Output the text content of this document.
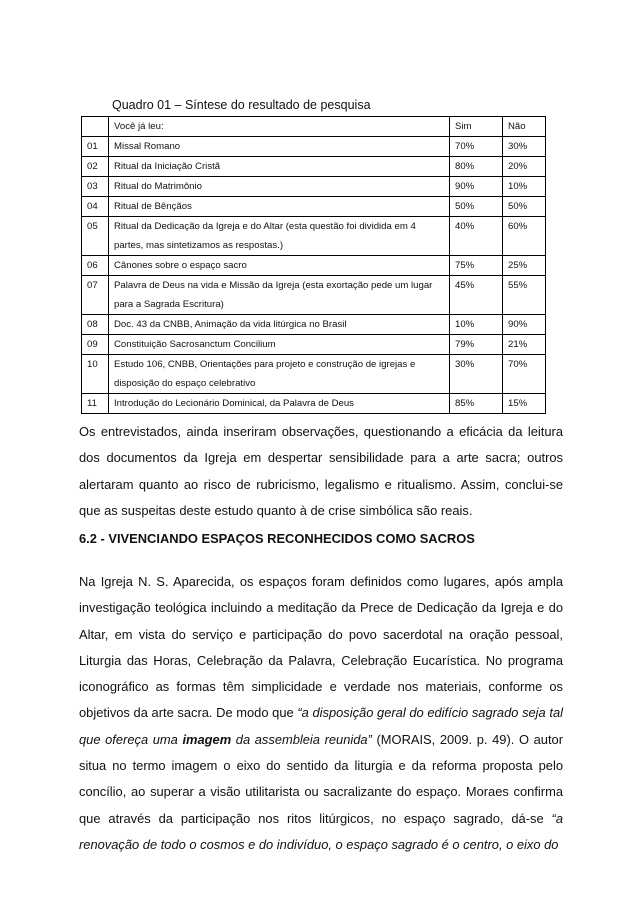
Quadro 01 – Síntese do resultado de pesquisa
	Você já leu:	Sim	Não
01	Missal Romano	70%	30%
02	Ritual da Iniciação Cristã	80%	20%
03	Ritual do Matrimônio	90%	10%
04	Ritual de Bênçãos	50%	50%
05	Ritual da Dedicação da Igreja e do Altar (esta questão foi dividida em 4 partes, mas sintetizamos as respostas.)	40%	60%
06	Cânones sobre o espaço sacro	75%	25%
07	Palavra de Deus na vida e Missão da Igreja (esta exortação pede um lugar para a Sagrada Escritura)	45%	55%
08	Doc. 43 da CNBB, Animação da vida litúrgica no Brasil	10%	90%
09	Constituição Sacrosanctum Concilium	79%	21%
10	Estudo 106, CNBB, Orientações para projeto e construção de igrejas e disposição do espaço celebrativo	30%	70%
11	Introdução do Lecionário Dominical, da Palavra de Deus	85%	15%

Os entrevistados, ainda inseriram observações, questionando a eficácia da leitura dos documentos da Igreja em despertar sensibilidade para a arte sacra; outros alertaram quanto ao risco de rubricismo, legalismo e ritualismo. Assim, conclui-se que as suspeitas deste estudo quanto à de crise simbólica são reais.

6.2 - VIVENCIANDO ESPAÇOS RECONHECIDOS COMO SACROS

Na Igreja N. S. Aparecida, os espaços foram definidos como lugares, após ampla investigação teológica incluindo a meditação da Prece de Dedicação da Igreja e do Altar, em vista do serviço e participação do povo sacerdotal na oração pessoal, Liturgia das Horas, Celebração da Palavra, Celebração Eucarística. No programa iconográfico as formas têm simplicidade e verdade nos materiais, conforme os objetivos da arte sacra. De modo que “a disposição geral do edifício sagrado seja tal que ofereça uma imagem da assembleia reunida” (MORAIS, 2009. p. 49). O autor situa no termo imagem o eixo do sentido da liturgia e da reforma proposta pelo concílio, ao superar a visão utilitarista ou sacralizante do espaço. Moraes confirma que através da participação nos ritos litúrgicos, no espaço sagrado, dá-se “a renovação de todo o cosmos e do indivíduo, o espaço sagrado é o centro, o eixo do
